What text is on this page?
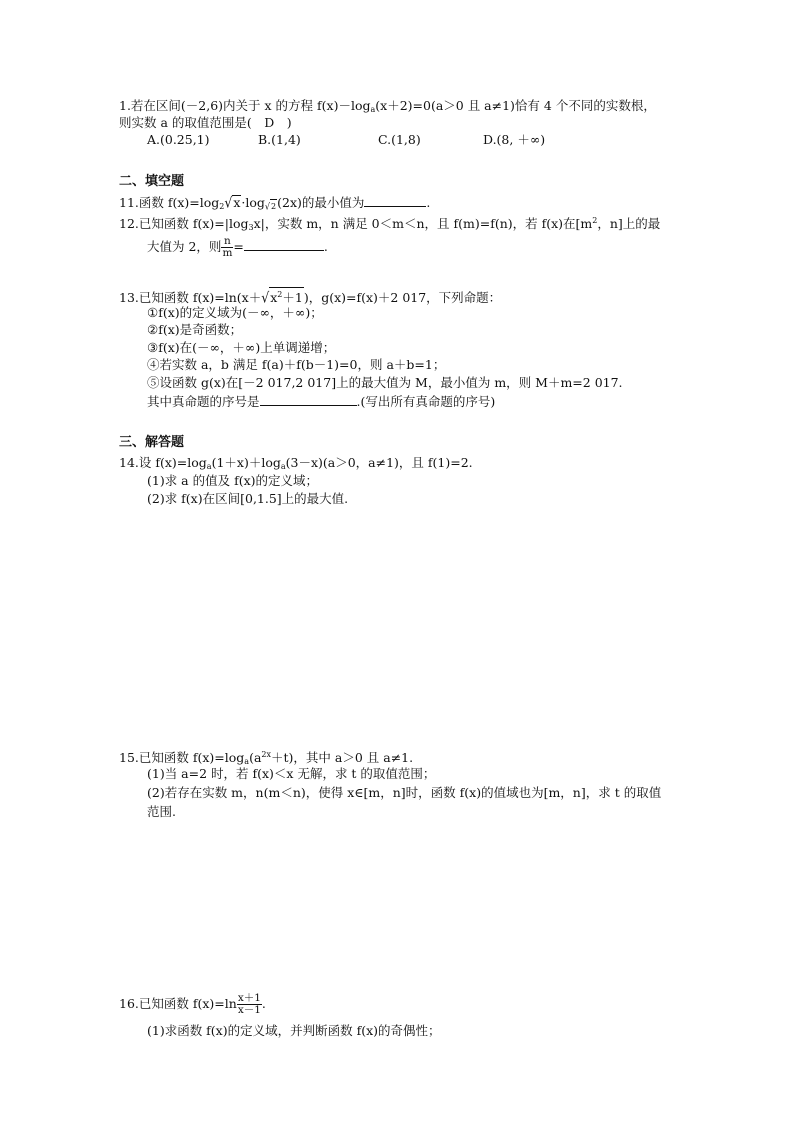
1.若在区间(－2,6)内关于 x 的方程 $f(x)-\log_a(x+2)=0(a>0$ 且 a≠1)恰有 4 个不同的实数根，
则实数 a 的取值范围是(　D　)
A.(0.25,1)	B.(1,4)	C.(1,8)	D.(8, ＋∞)
二、填空题
11.函数 $f(x)=\log_2√x\cdot\log_{√2}(2x)$的最小值为	.
12.已知函数 $f(x)=|\log_3x|$，实数 m，n 满足 0＜m＜n，且 f(m)=f(n)，若 f(x)在[$m^2$，n]上的最
大值为 2，则 $\frac{n}{m}$ =	.
13.已知函数 $f(x)=\ln(x+√x^2+1)$，g(x)=f(x)＋2 017，下列命题：
①f(x)的定义域为(－∞，＋∞)；
②f(x)是奇函数；
③f(x)在(－∞，＋∞)上单调递增；
④若实数 a，b 满足 f(a)＋f(b－1)=0，则 a＋b=1；
⑤设函数 g(x)在[－2 017,2 017]上的最大值为 M，最小值为 m，则 M＋m=2 017.
其中真命题的序号是	.(写出所有真命题的序号)
三、解答题
14.设 $f(x)=\log_a(1+x)+\log_a(3-x)(a>0$，a≠1)，且 f(1)=2.
(1)求 a 的值及 f(x)的定义域；
(2)求 f(x)在区间[0,1.5]上的最大值.
15.已知函数 $f(x)=\log_a(a^{2x}+t)$，其中 a＞0 且 a≠1.
(1)当 a=2 时，若 f(x)＜x 无解，求 t 的取值范围；
(2)若存在实数 m，n(m＜n)，使得 x∈[m，n]时，函数 f(x)的值域也为[m，n]，求 t 的取值
范围.
16.已知函数 $f(x)=\ln \frac{x+1}{x-1}$ .
(1)求函数 f(x)的定义域，并判断函数 f(x)的奇偶性；
